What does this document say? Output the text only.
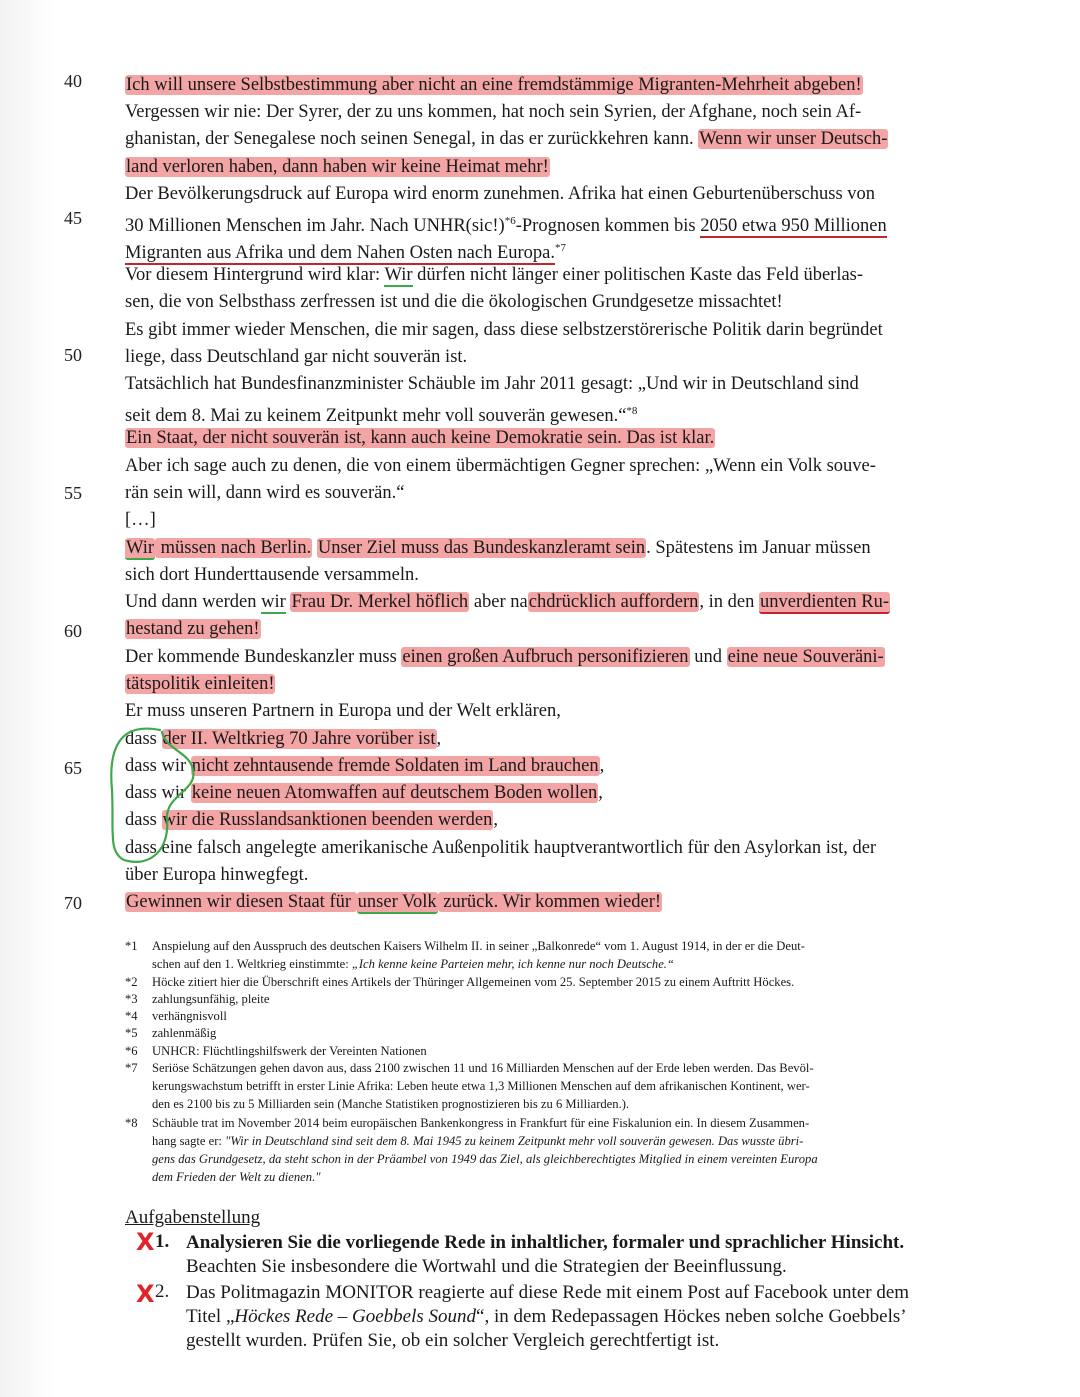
40
45
50
55
60
65
70
Ich will unsere Selbstbestimmung aber nicht an eine fremdstämmige Migranten-Mehrheit abgeben!
Vergessen wir nie: Der Syrer, der zu uns kommen, hat noch sein Syrien, der Afghane, noch sein Af-
ghanistan, der Senegalese noch seinen Senegal, in das er zurückkehren kann. Wenn wir unser Deutsch-
land verloren haben, dann haben wir keine Heimat mehr!
Der Bevölkerungsdruck auf Europa wird enorm zunehmen. Afrika hat einen Geburtenüberschuss von
30 Millionen Menschen im Jahr. Nach $UNHR(sic!)^{*6}$-Prognosen kommen bis 2050 etwa 950 Millionen
Migranten aus Afrika und dem Nahen Osten nach Europa.$^{*7}$
Vor diesem Hintergrund wird klar: Wir dürfen nicht länger einer politischen Kaste das Feld überlas-
sen, die von Selbsthass zerfressen ist und die die ökologischen Grundgesetze missachtet!
Es gibt immer wieder Menschen, die mir sagen, dass diese selbstzerstörerische Politik darin begründet
liege, dass Deutschland gar nicht souverän ist.
Tatsächlich hat Bundesfinanzminister Schäuble im Jahr 2011 gesagt: „Und wir in Deutschland sind
seit dem 8. Mai zu keinem Zeitpunkt mehr voll souverän gewesen.“$^{*8}$
Ein Staat, der nicht souverän ist, kann auch keine Demokratie sein. Das ist klar.
Aber ich sage auch zu denen, die von einem übermächtigen Gegner sprechen: „Wenn ein Volk souve-
rän sein will, dann wird es souverän.“
[…]
Wir müssen nach Berlin. Unser Ziel muss das Bundeskanzleramt sein. Spätestens im Januar müssen
sich dort Hunderttausende versammeln.
Und dann werden wir Frau Dr. Merkel höflich aber nachdrücklich auffordern, in den unverdienten Ru-
hestand zu gehen!
Der kommende Bundeskanzler muss einen großen Aufbruch personifizieren und eine neue Souveräni-
tätspolitik einleiten!
Er muss unseren Partnern in Europa und der Welt erklären,
dass der II. Weltkrieg 70 Jahre vorüber ist,
dass wir nicht zehntausende fremde Soldaten im Land brauchen,
dass wir keine neuen Atomwaffen auf deutschem Boden wollen,
dass wir die Russlandsanktionen beenden werden,
dass eine falsch angelegte amerikanische Außenpolitik hauptverantwortlich für den Asylorkan ist, der
über Europa hinwegfegt.
Gewinnen wir diesen Staat für unser Volk zurück. Wir kommen wieder!
*1 Anspielung auf den Ausspruch des deutschen Kaisers Wilhelm II. in seiner „Balkonrede“ vom 1. August 1914, in der er die Deut-
schen auf den 1. Weltkrieg einstimmte: „Ich kenne keine Parteien mehr, ich kenne nur noch Deutsche.“
*2 Höcke zitiert hier die Überschrift eines Artikels der Thüringer Allgemeinen vom 25. September 2015 zu einem Auftritt Höckes.
*3 zahlungsunfähig, pleite
*4 verhängnisvoll
*5 zahlenmäßig
*6 UNHCR: Flüchtlingshilfswerk der Vereinten Nationen
*7 Seriöse Schätzungen gehen davon aus, dass 2100 zwischen 11 und 16 Milliarden Menschen auf der Erde leben werden. Das Bevöl-
kerungswachstum betrifft in erster Linie Afrika: Leben heute etwa 1,3 Millionen Menschen auf dem afrikanischen Kontinent, wer-
den es 2100 bis zu 5 Milliarden sein (Manche Statistiken prognostizieren bis zu 6 Milliarden.).
*8 Schäuble trat im November 2014 beim europäischen Bankenkongress in Frankfurt für eine Fiskalunion ein. In diesem Zusammen-
hang sagte er: "Wir in Deutschland sind seit dem 8. Mai 1945 zu keinem Zeitpunkt mehr voll souverän gewesen. Das wusste übri-
gens das Grundgesetz, da steht schon in der Präambel von 1949 das Ziel, als gleichberechtigtes Mitglied in einem vereinten Europa
dem Frieden der Welt zu dienen."
Aufgabenstellung
X 1. Analysieren Sie die vorliegende Rede in inhaltlicher, formaler und sprachlicher Hinsicht.
Beachten Sie insbesondere die Wortwahl und die Strategien der Beeinflussung.
X 2. Das Politmagazin MONITOR reagierte auf diese Rede mit einem Post auf Facebook unter dem
Titel „Höckes Rede – Goebbels Sound“, in dem Redepassagen Höckes neben solche Goebbels’
gestellt wurden. Prüfen Sie, ob ein solcher Vergleich gerechtfertigt ist.
